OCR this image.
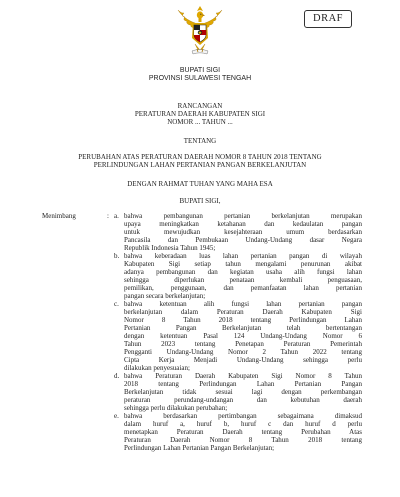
DRAF
BUPATI SIGI
PROVINSI SULAWESI TENGAH
RANCANGAN
PERATURAN DAERAH KABUPATEN SIGI
NOMOR ... TAHUN ...
TENTANG
PERUBAHAN ATAS PERATURAN DAERAH NOMOR 8 TAHUN 2018 TENTANG
PERLINDUNGAN LAHAN PERTANIAN PANGAN BERKELANJUTAN
DENGAN RAHMAT TUHAN YANG MAHA ESA
BUPATI SIGI,
Menimbang	: a. bahwa pembangunan pertanian berkelanjutan merupakan
upaya meningkatkan ketahanan dan kedaulatan pangan
untuk mewujudkan kesejahteraan umum berdasarkan
Pancasila dan Pembukaan Undang-Undang dasar Negara
Republik Indonesia Tahun 1945;
b. bahwa keberadaan luas lahan pertanian pangan di wilayah
Kabupaten Sigi setiap tahun mengalami penurunan akibat
adanya pembangunan dan kegiatan usaha alih fungsi lahan
sehingga diperlukan penataan kembali penguasaan,
pemilikan, penggunaan, dan pemanfaatan lahan pertanian
pangan secara berkelanjutan;
c. bahwa ketentuan alih fungsi lahan pertanian pangan
berkelanjutan dalam Peraturan Daerah Kabupaten Sigi
Nomor 8 Tahun 2018 tentang Perlindungan Lahan
Pertanian Pangan Berkelanjutan telah bertentangan
dengan ketentuan Pasal 124 Undang-Undang Nomor 6
Tahun 2023 tentang Penetapan Peraturan Pemerintah
Pengganti Undang-Undang Nomor 2 Tahun 2022 tentang
Cipta Kerja Menjadi Undang-Undang sehingga perlu
dilakukan penyesuaian;
d. bahwa Peraturan Daerah Kabupaten Sigi Nomor 8 Tahun
2018 tentang Perlindungan Lahan Pertanian Pangan
Berkelanjutan tidak sesuai lagi dengan perkembangan
peraturan perundang-undangan dan kebutuhan daerah
sehingga perlu dilakukan perubahan;
e. bahwa berdasarkan pertimbangan sebagaimana dimaksud
dalam huruf a, huruf b, huruf c dan huruf d perlu
menetapkan Peraturan Daerah tentang Perubahan Atas
Peraturan Daerah Nomor 8 Tahun 2018 tentang
Perlindungan Lahan Pertanian Pangan Berkelanjutan;
